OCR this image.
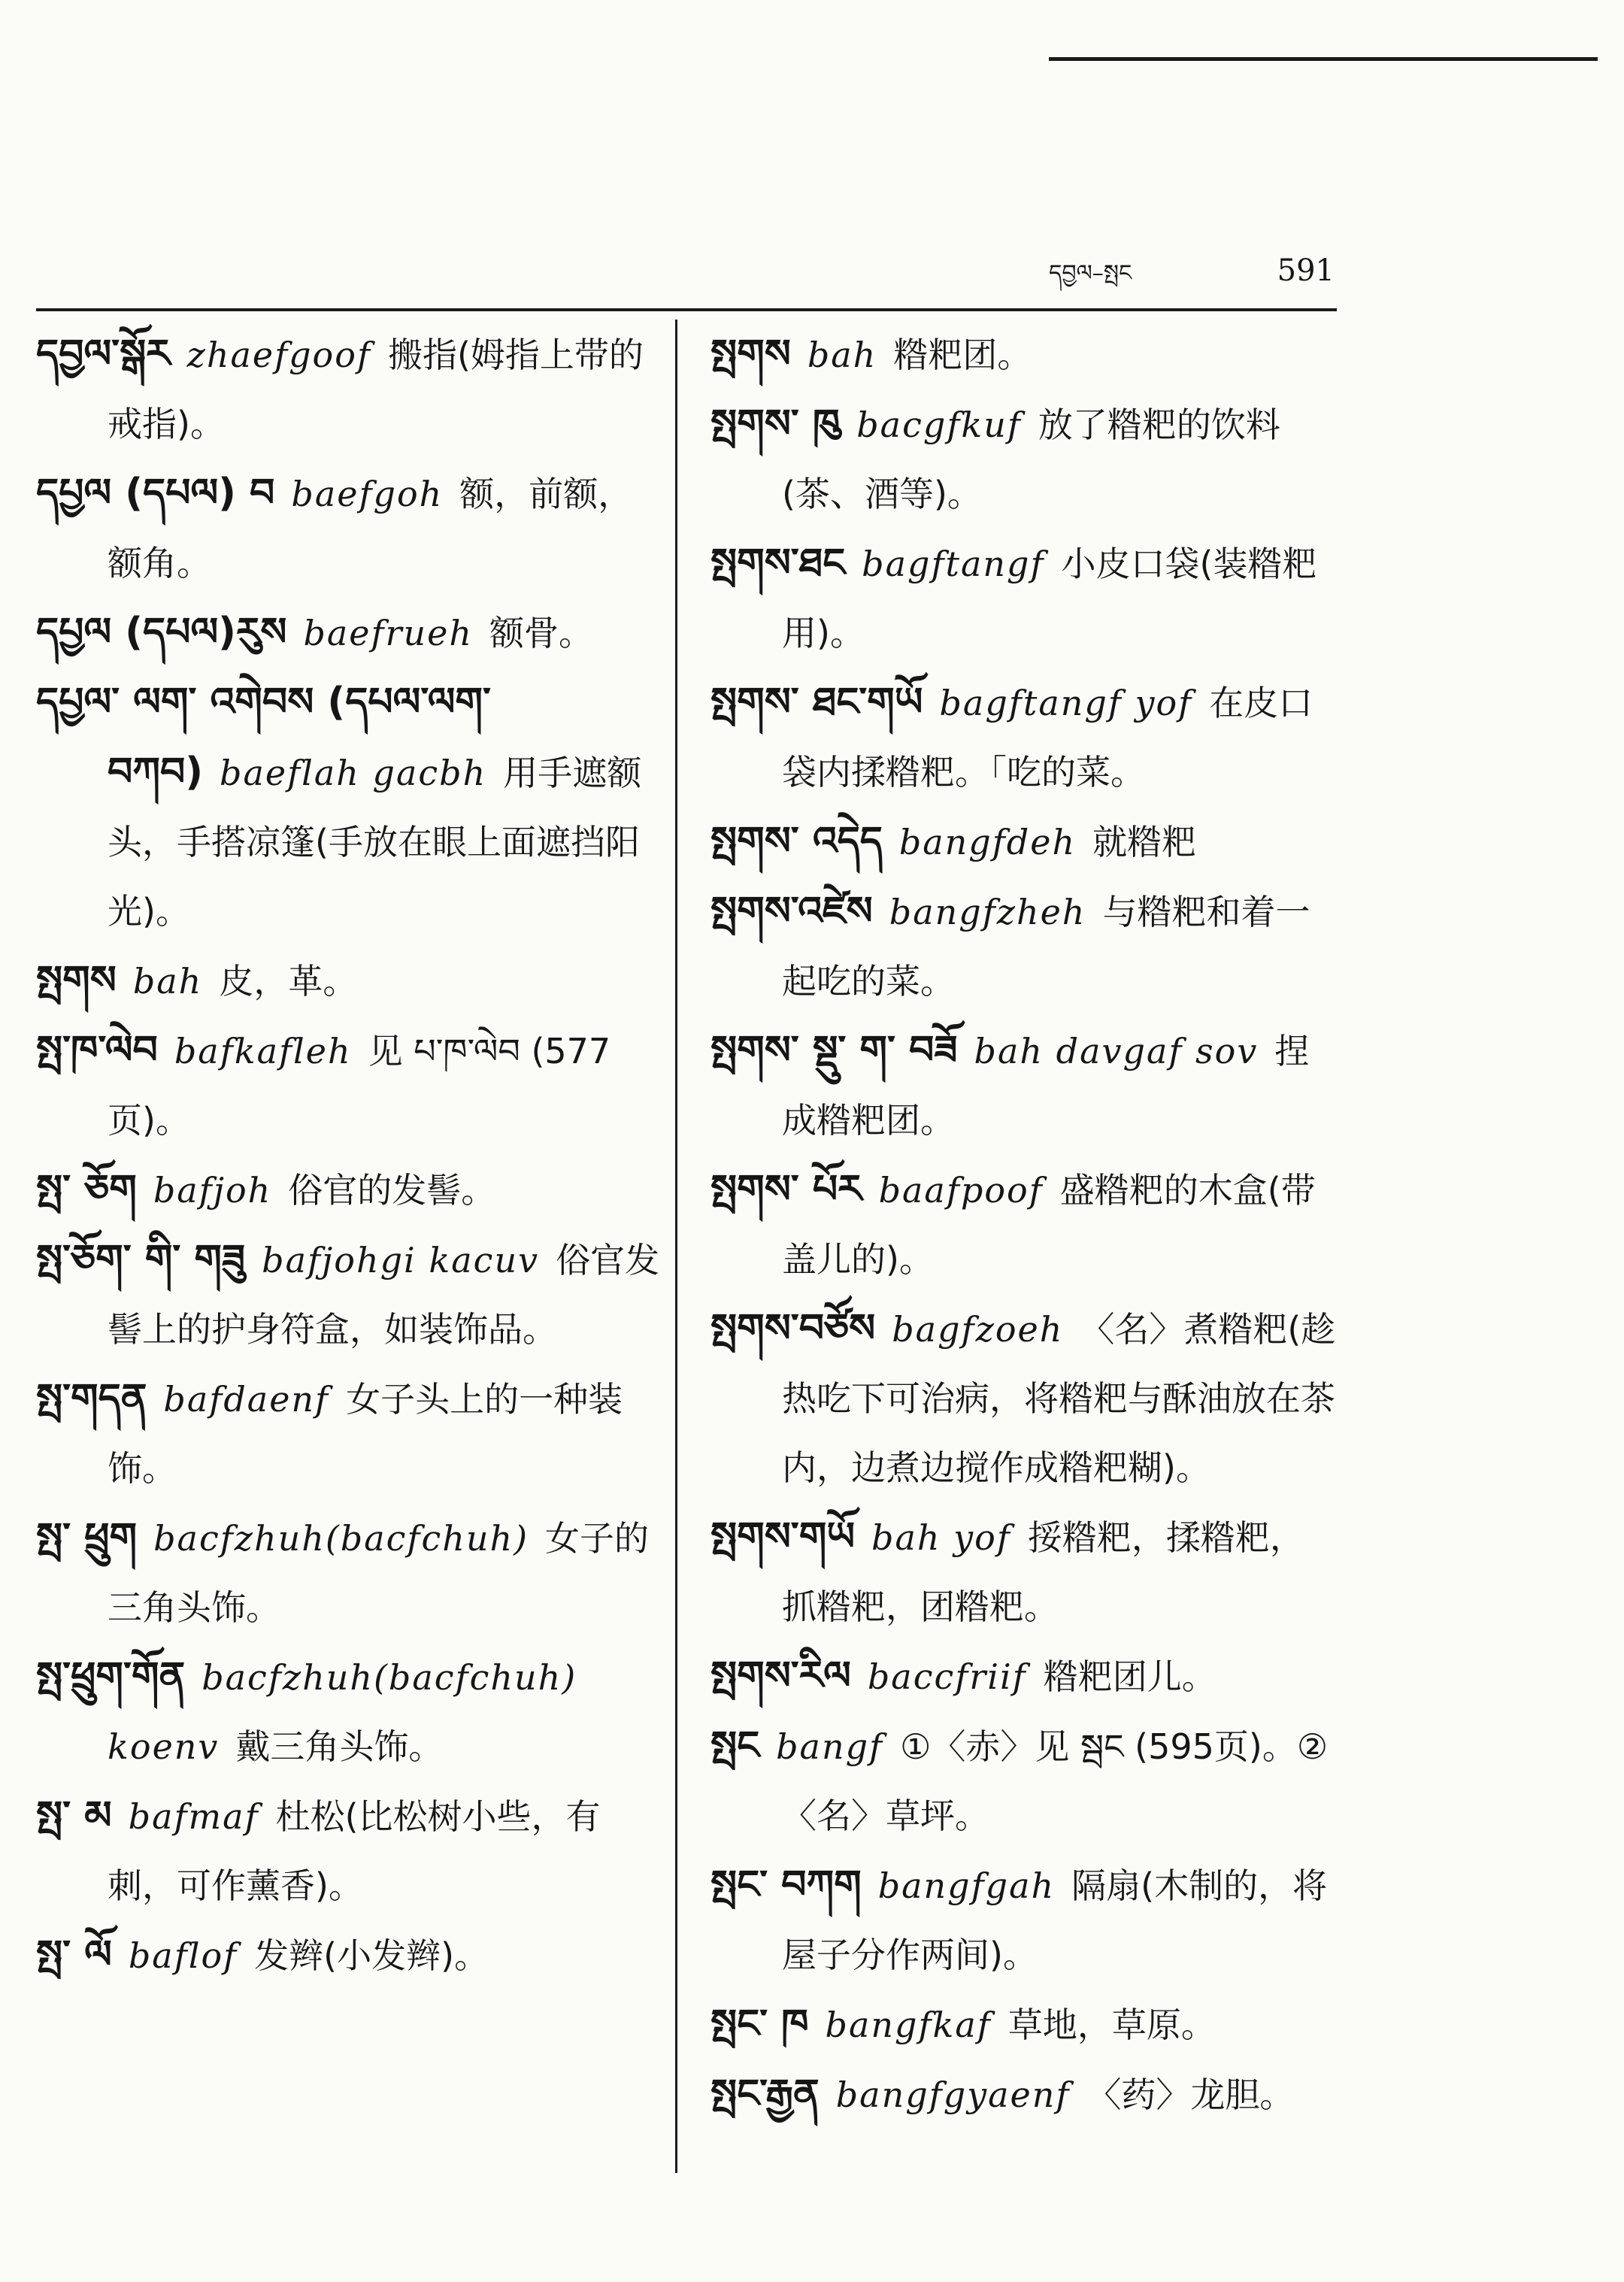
དབྱལ–སྤང	591
དབྱལ་སྒོར zhaefgoof 搬指(姆指上带的戒指)。
དཔྱལ (དཔལ) བ baefgoh 额，前额，额角。
དཔྱལ (དཔལ)རུས baefrueh 额骨。
དཔྱལ་ ལག་ འགེབས (དཔལ་ལག་བཀབ) baeflah gacbh 用手遮额头，手搭凉篷(手放在眼上面遮挡阳光)。
སྤགས bah 皮，革。
སྤ་ཁ་ལེབ bafkafleh 见 པ་ཁ་ལེབ (577页)。
སྤ་ ཅོག bafjoh 俗官的发髻。
སྤ་ཅོག་ གི་ གཟུ bafjohgi kacuv 俗官发髻上的护身符盒，如装饰品。
སྤ་གདན bafdaenf 女子头上的一种装饰。
སྤ་ ཕྲུག bacfzhuh(bacfchuh) 女子的三角头饰。
སྤ་ཕྲུག་གོན bacfzhuh(bacfchuh) koenv 戴三角头饰。
སྤ་ མ bafmaf 杜松(比松树小些，有刺，可作薰香)。
སྤ་ ལོ baflof 发辫(小发辫)。
སྤགས bah 糌粑团。
སྤགས་ ཁུ bacgfkuf 放了糌粑的饮料(茶、酒等)。
སྤགས་ཐང bagftangf 小皮口袋(装糌粑用)。
སྤགས་ ཐང་གཡོ bagftangf yof 在皮口袋内揉糌粑。「吃的菜。
སྤགས་ འདེད bangfdeh 就糌粑
སྤགས་འཛེས bangfzheh 与糌粑和着一起吃的菜。
སྤགས་ སྡུ་ ག་ བཟོ bah davgaf sov 捏成糌粑团。
སྤགས་ པོར baafpoof 盛糌粑的木盒(带盖儿的)。
སྤགས་བཙོས bagfzoeh 〈名〉煮糌粑(趁热吃下可治病，将糌粑与酥油放在茶内，边煮边搅作成糌粑糊)。
སྤགས་གཡོ bah yof 挼糌粑，揉糌粑，抓糌粑，团糌粑。
སྤགས་རིལ baccfriif 糌粑团儿。
སྤང bangf ①〈赤〉见 སྦང (595页)。②〈名〉草坪。
སྤང་ བཀག bangfgah 隔扇(木制的，将屋子分作两间)。
སྤང་ ཁ bangfkaf 草地，草原。
སྤང་རྒྱན bangfgyaenf 〈药〉龙胆。
